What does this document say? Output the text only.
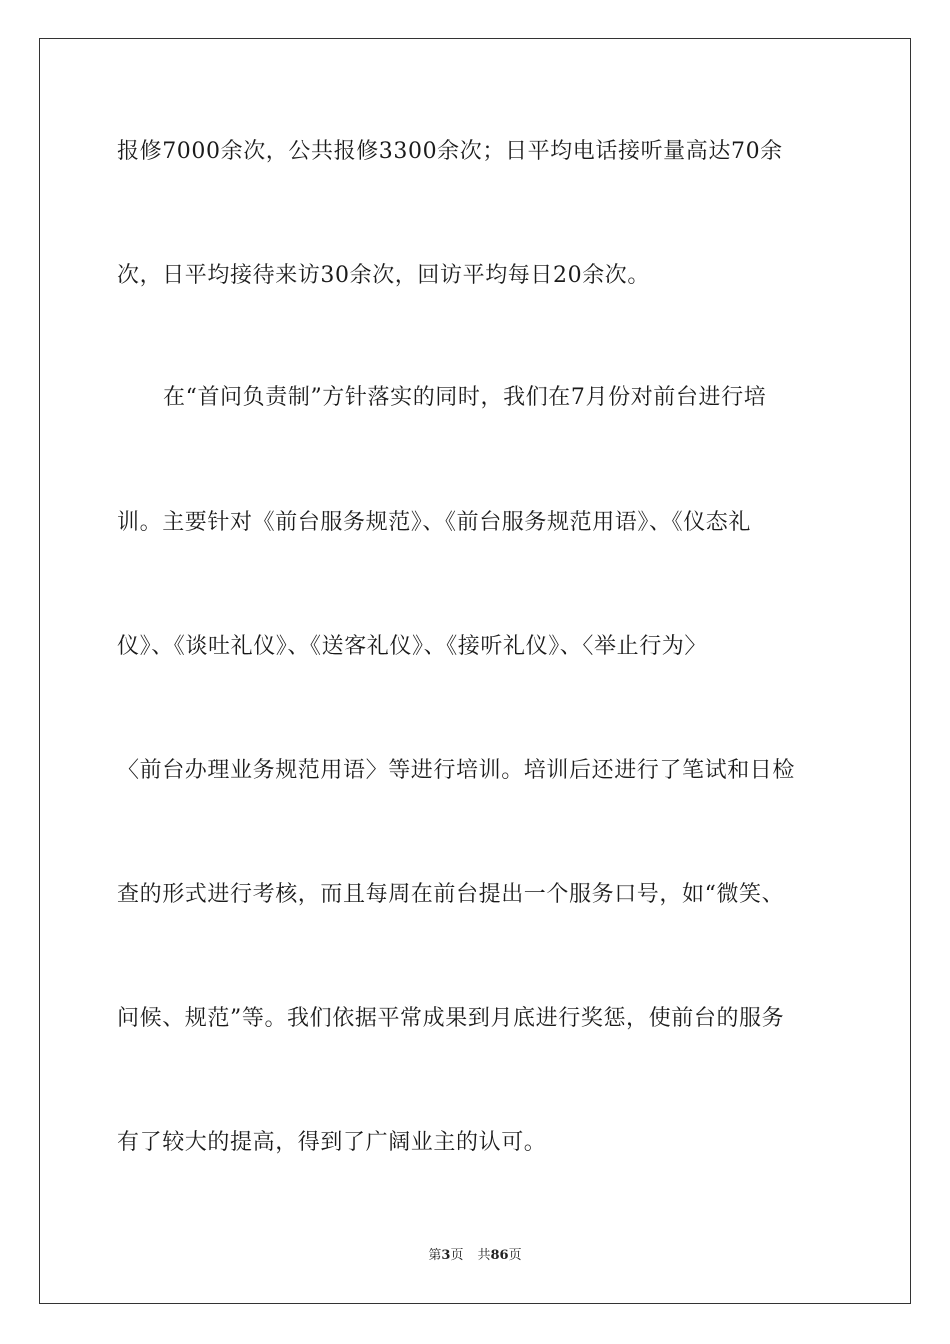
报修7000余次，公共报修3300余次；日平均电话接听量高达70余
次，日平均接待来访30余次，回访平均每日20余次。
在“首问负责制”方针落实的同时，我们在7月份对前台进行培
训。主要针对《前台服务规范》、《前台服务规范用语》、《仪态礼
仪》、《谈吐礼仪》、《送客礼仪》、《接听礼仪》、〈举止行为〉
〈前台办理业务规范用语〉等进行培训。培训后还进行了笔试和日检
查的形式进行考核，而且每周在前台提出一个服务口号，如“微笑、
问候、规范”等。我们依据平常成果到月底进行奖惩，使前台的服务
有了较大的提高，得到了广阔业主的认可。
第3页 共86页
